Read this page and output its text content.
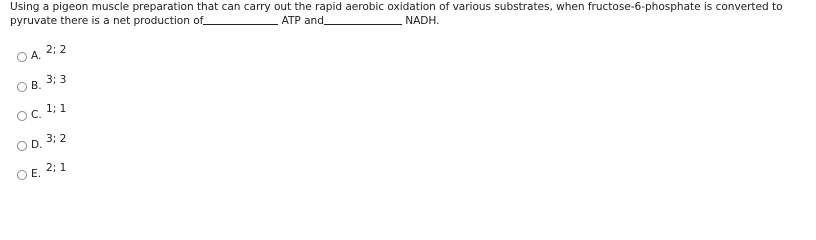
Using a pigeon muscle preparation that can carry out the rapid aerobic oxidation of various substrates, when fructose-6-phosphate is converted to
pyruvate there is a net production of	ATP and	NADH.
A. 2; 2
B. 3; 3
C. 1; 1
D. 3; 2
E. 2; 1
